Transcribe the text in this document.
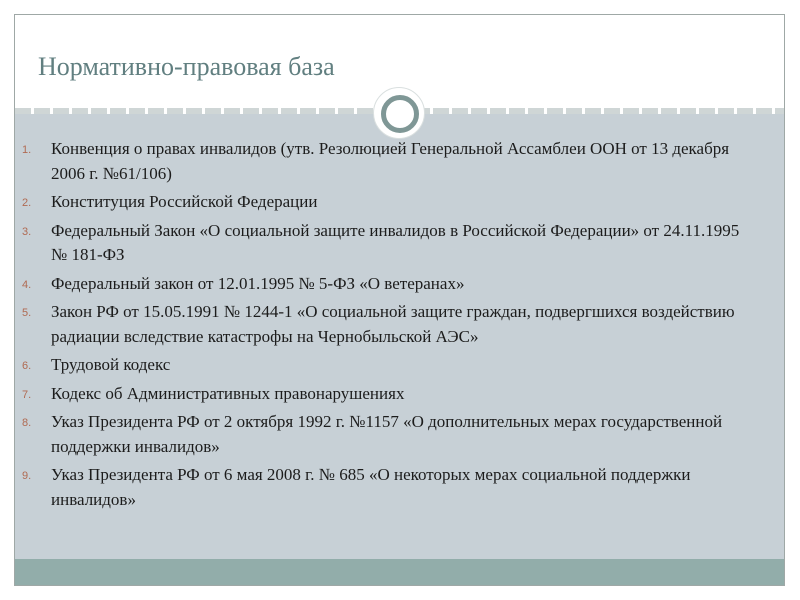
Нормативно-правовая база
1. Конвенция о правах инвалидов (утв. Резолюцией Генеральной Ассамблеи ООН от 13 декабря 2006 г. №61/106)
2. Конституция Российской Федерации
3. Федеральный Закон «О социальной защите инвалидов в Российской Федерации» от 24.11.1995 № 181-ФЗ
4. Федеральный закон от 12.01.1995 № 5-ФЗ «О ветеранах»
5. Закон РФ от 15.05.1991 № 1244-1 «О социальной защите граждан, подвергшихся воздействию радиации вследствие катастрофы на Чернобыльской АЭС»
6. Трудовой кодекс
7. Кодекс об Административных правонарушениях
8. Указ Президента РФ от 2 октября 1992 г. №1157 «О дополнительных мерах государственной поддержки инвалидов»
9. Указ Президента РФ от 6 мая 2008 г. № 685 «О некоторых мерах социальной поддержки инвалидов»
